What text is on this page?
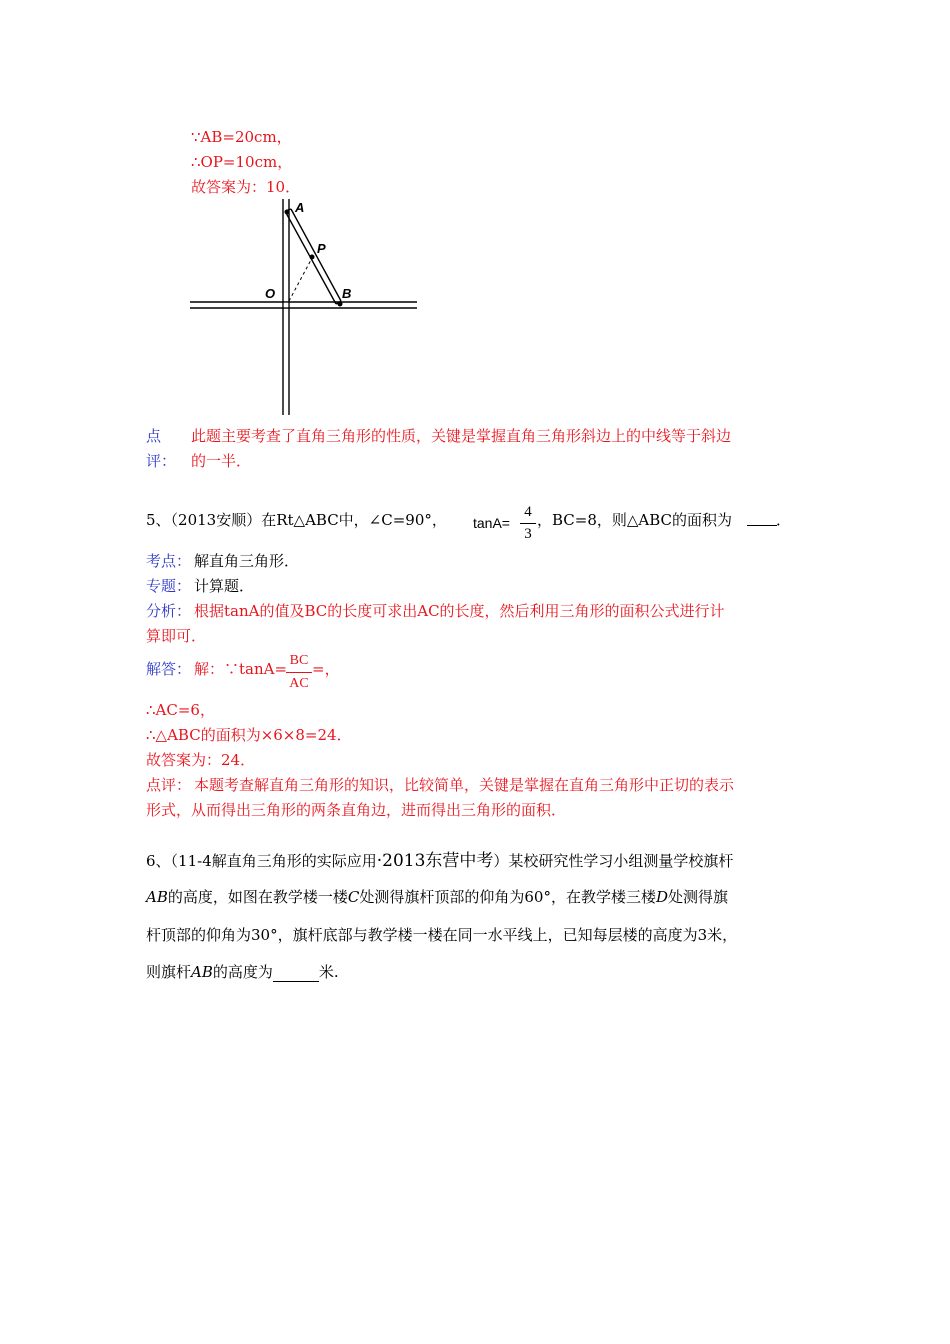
∵AB=20cm，
∴OP=10cm，
故答案为：10．
A
P
O	B
点
评：
此题主要考查了直角三角形的性质，关键是掌握直角三角形斜边上的中线等于斜边
的一半．
5、（2013安顺）在Rt△ABC中，∠C=90°， tanA=
4
3
，BC=8，则△ABC的面积为	．
考点： 解直角三角形．
专题： 计算题．
分析： 根据tanA的值及BC的长度可求出AC的长度，然后利用三角形的面积公式进行计
算即可．
解答： 解：∵tanA= BC
AC
=，
∴AC=6，
∴△ABC的面积为×6×8=24．
故答案为：24．
点评： 本题考查解直角三角形的知识，比较简单，关键是掌握在直角三角形中正切的表示
形式，从而得出三角形的两条直角边，进而得出三角形的面积．
6、（11-4解直角三角形的实际应用·2013东营中考）某校研究性学习小组测量学校旗杆
AB的高度，如图在教学楼一楼C处测得旗杆顶部的仰角为60°，在教学楼三楼D处测得旗
杆顶部的仰角为30°，旗杆底部与教学楼一楼在同一水平线上，已知每层楼的高度为3米，
则旗杆AB的高度为	米.
